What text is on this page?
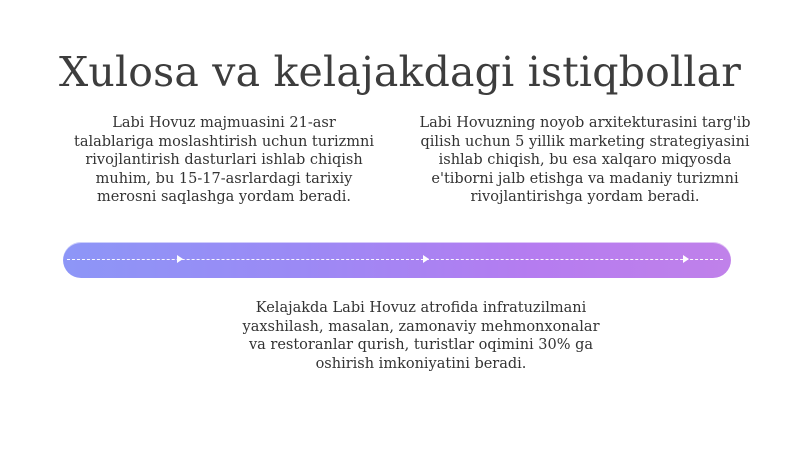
Xulosa va kelajakdagi istiqbollar
Labi Hovuz majmuasini 21-asr talablariga moslashtirish uchun turizmni rivojlantirish dasturlari ishlab chiqish muhim, bu 15-17-asrlardagi tarixiy merosni saqlashga yordam beradi.
Labi Hovuzning noyob arxitekturasini targ'ib qilish uchun 5 yillik marketing strategiyasini ishlab chiqish, bu esa xalqaro miqyosda e'tiborni jalb etishga va madaniy turizmni rivojlantirishga yordam beradi.
Kelajakda Labi Hovuz atrofida infratuzilmani yaxshilash, masalan, zamonaviy mehmonxonalar va restoranlar qurish, turistlar oqimini 30% ga oshirish imkoniyatini beradi.
